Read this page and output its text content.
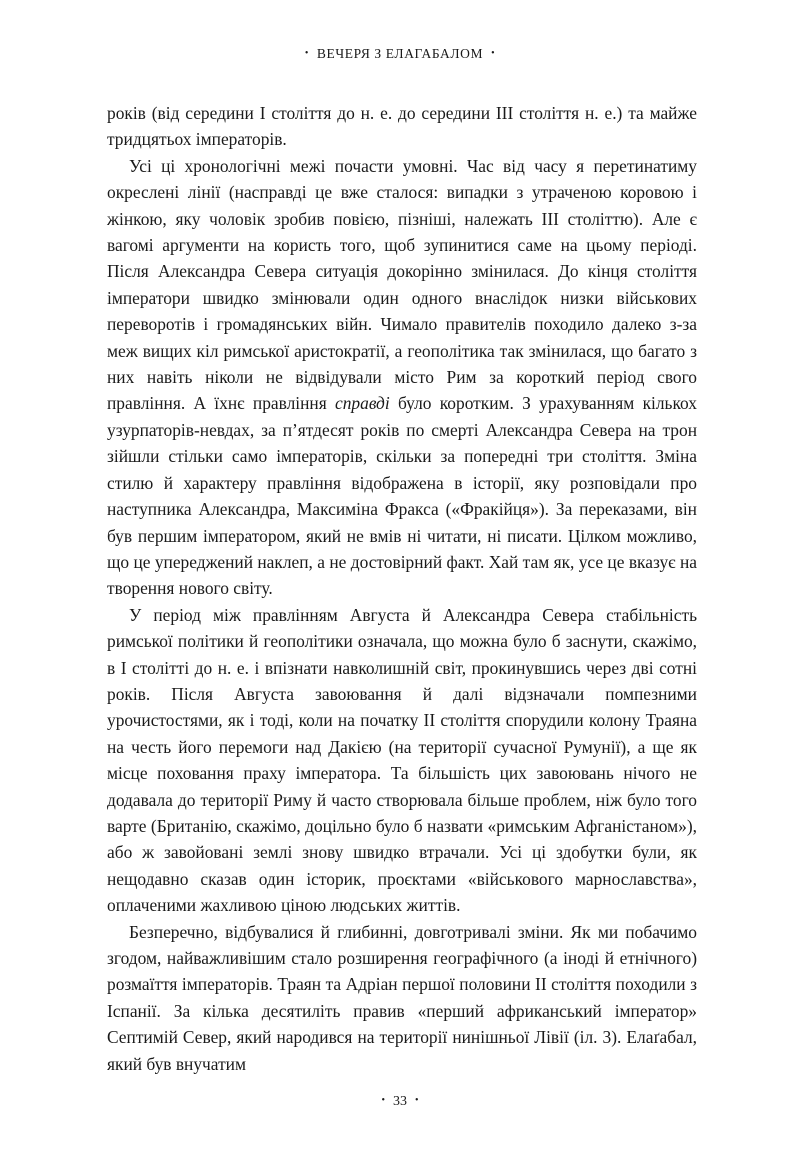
• ВЕЧЕРЯ З ЕЛАГАБАЛОМ •

років (від середини I століття до н. е. до середини III століття н. е.) та майже тридцятьох імператорів.

Усі ці хронологічні межі почасти умовні. Час від часу я перетинатиму окреслені лінії (насправді це вже сталося: випадки з утраченою коровою і жінкою, яку чоловік зробив повією, пізніші, належать III століттю). Але є вагомі аргументи на користь того, щоб зупинитися саме на цьому періоді. Після Александра Севера ситуація докорінно змінилася. До кінця століття імператори швидко змінювали один одного внаслідок низки військових переворотів і громадянських війн. Чимало правителів походило далеко з-за меж вищих кіл римської аристократії, а геополітика так змінилася, що багато з них навіть ніколи не відвідували місто Рим за короткий період свого правління. А їхнє правління справді було коротким. З урахуванням кількох узурпаторів-невдах, за п’ятдесят років по смерті Александра Севера на трон зійшли стільки само імператорів, скільки за попередні три століття. Зміна стилю й характеру правління відображена в історії, яку розповідали про наступника Александра, Максиміна Фракса («Фракійця»). За переказами, він був першим імператором, який не вмів ні читати, ні писати. Цілком можливо, що це упереджений наклеп, а не достовірний факт. Хай там як, усе це вказує на творення нового світу.

У період між правлінням Августа й Александра Севера стабільність римської політики й геополітики означала, що можна було б заснути, скажімо, в I столітті до н. е. і впізнати навколишній світ, прокинувшись через дві сотні років. Після Августа завоювання й далі відзначали помпезними урочистостями, як і тоді, коли на початку II століття спорудили колону Траяна на честь його перемоги над Дакією (на території сучасної Румунії), а ще як місце поховання праху імператора. Та більшість цих завоювань нічого не додавала до території Риму й часто створювала більше проблем, ніж було того варте (Британію, скажімо, доцільно було б назвати «римським Афганістаном»), або ж завойовані землі знову швидко втрачали. Усі ці здобутки були, як нещодавно сказав один історик, проєктами «військового марнославства», оплаченими жахливою ціною людських життів.

Безперечно, відбувалися й глибинні, довготривалі зміни. Як ми побачимо згодом, найважливішим стало розширення географічного (а іноді й етнічного) розмаїття імператорів. Траян та Адріан першої половини II століття походили з Іспанії. За кілька десятиліть правив «перший африканський імператор» Септимій Север, який народився на території нинішньої Лівії (іл. 3). Елаґабал, який був внучатим

• 33 •
